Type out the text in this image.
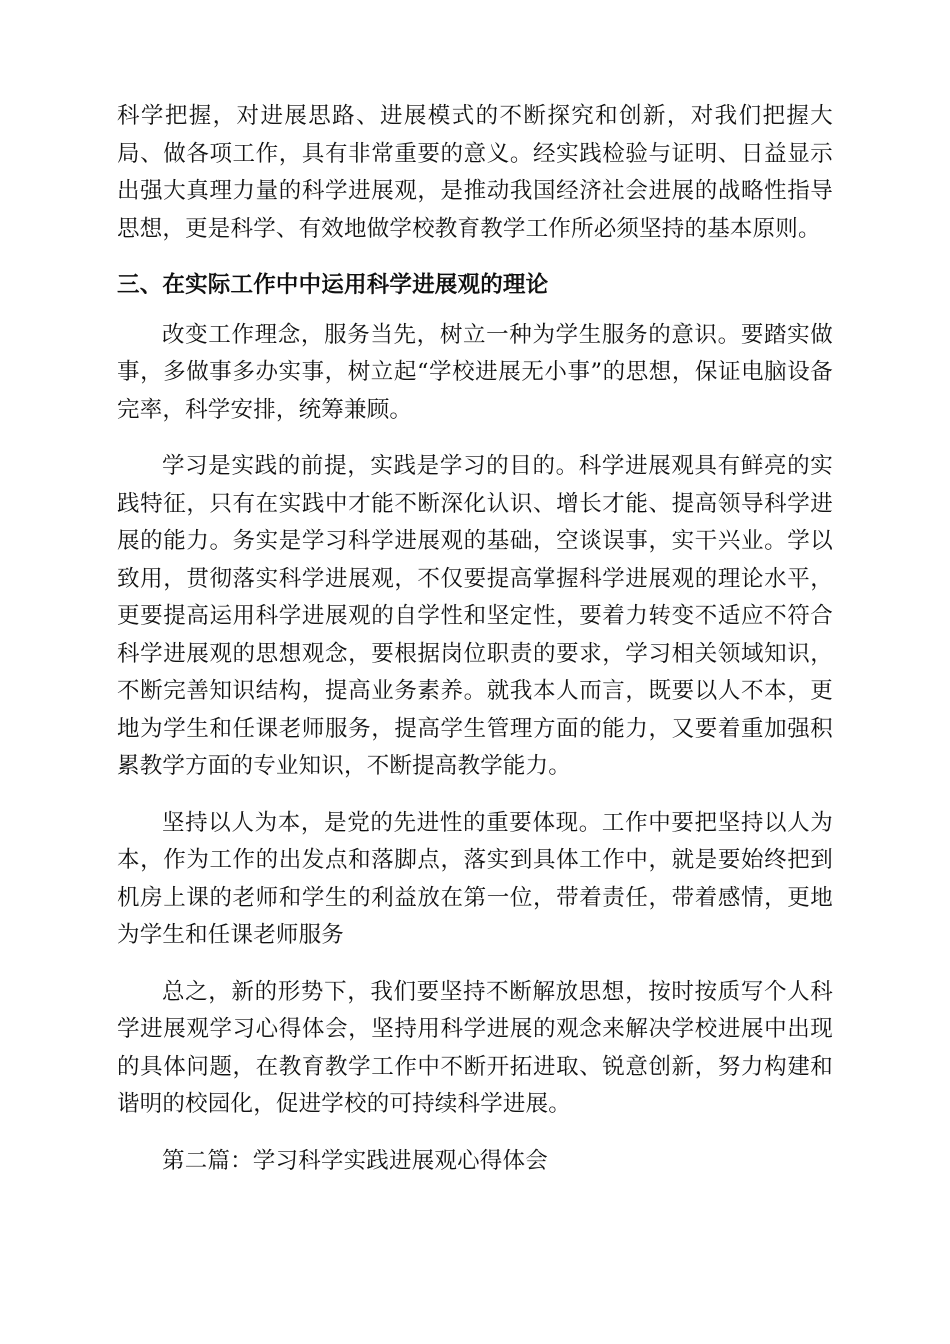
科学把握，对进展思路、进展模式的不断探究和创新，对我们把握大局、做各项工作，具有非常重要的意义。经实践检验与证明、日益显示出强大真理力量的科学进展观，是推动我国经济社会进展的战略性指导思想，更是科学、有效地做学校教育教学工作所必须坚持的基本原则。

三、在实际工作中中运用科学进展观的理论

改变工作理念，服务当先，树立一种为学生服务的意识。要踏实做事，多做事多办实事，树立起“学校进展无小事”的思想，保证电脑设备完率，科学安排，统筹兼顾。

学习是实践的前提，实践是学习的目的。科学进展观具有鲜亮的实践特征，只有在实践中才能不断深化认识、增长才能、提高领导科学进展的能力。务实是学习科学进展观的基础，空谈误事，实干兴业。学以致用，贯彻落实科学进展观，不仅要提高掌握科学进展观的理论水平，更要提高运用科学进展观的自学性和坚定性，要着力转变不适应不符合科学进展观的思想观念，要根据岗位职责的要求，学习相关领域知识，不断完善知识结构，提高业务素养。就我本人而言，既要以人不本，更地为学生和任课老师服务，提高学生管理方面的能力，又要着重加强积累教学方面的专业知识，不断提高教学能力。

坚持以人为本，是党的先进性的重要体现。工作中要把坚持以人为本，作为工作的出发点和落脚点，落实到具体工作中，就是要始终把到机房上课的老师和学生的利益放在第一位，带着责任，带着感情，更地为学生和任课老师服务

总之，新的形势下，我们要坚持不断解放思想，按时按质写个人科学进展观学习心得体会，坚持用科学进展的观念来解决学校进展中出现的具体问题，在教育教学工作中不断开拓进取、锐意创新，努力构建和谐明的校园化，促进学校的可持续科学进展。

第二篇：学习科学实践进展观心得体会
